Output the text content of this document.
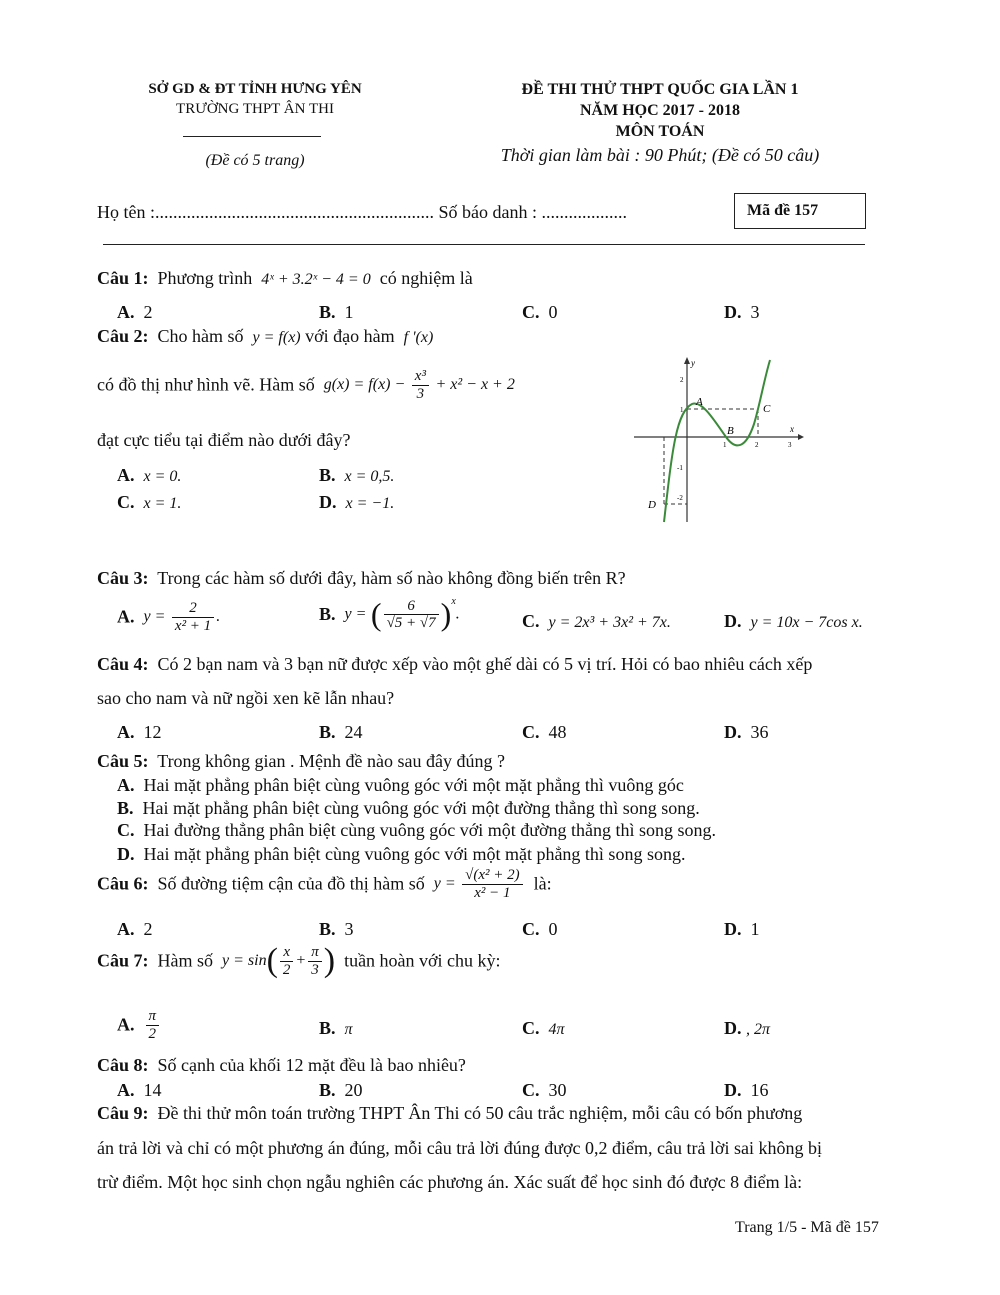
SỞ GD & ĐT TỈNH HƯNG YÊN
TRƯỜNG THPT ÂN THI
(Đề có 5 trang)
ĐỀ THI THỬ THPT QUỐC GIA LẦN 1
NĂM HỌC 2017 - 2018
MÔN TOÁN
Thời gian làm bài : 90 Phút; (Đề có 50 câu)
Họ tên :.............................................................. Số báo danh : ...................	Mã đề 157
Câu 1: Phương trình 4ˣ + 3.2ˣ − 4 = 0 có nghiệm là
A. 2	B. 1	C. 0	D. 3
Câu 2: Cho hàm số y = f(x) với đạo hàm f '(x)
có đồ thị như hình vẽ. Hàm số $g(x) = f(x) - \frac{\text{x³}}{3} + x^2 - x + 2$
đạt cực tiểu tại điểm nào dưới đây?
A. x = 0.	B. x = 0,5.
C. x = 1.	D. x = −1.
A
B
C
D
x
y
2
1
-1
-2
1	2	3
Câu 3: Trong các hàm số dưới đây, hàm số nào không đồng biến trên R?
A. $y = \frac{2}{\text{x² + 1}}$ .	B. y = ( $\frac{6}{√5 + √7} )^x$.	C. y = 2x³ + 3x² + 7x.	D. y = 10x − 7cos x.
Câu 4: Có 2 bạn nam và 3 bạn nữ được xếp vào một ghế dài có 5 vị trí. Hỏi có bao nhiêu cách xếp
sao cho nam và nữ ngồi xen kẽ lẫn nhau?
A. 12	B. 24	C. 48	D. 36
Câu 5: Trong không gian . Mệnh đề nào sau đây đúng ?
A. Hai mặt phẳng phân biệt cùng vuông góc với một mặt phẳng thì vuông góc
B. Hai mặt phẳng phân biệt cùng vuông góc với một đường thẳng thì song song.
C. Hai đường thẳng phân biệt cùng vuông góc với một đường thẳng thì song song.
D. Hai mặt phẳng phân biệt cùng vuông góc với một mặt phẳng thì song song.
Câu 6: Số đường tiệm cận của đồ thị hàm số $y = \frac{\text{√(x² + 2)}}{\text{x² − 1}}$ là:
A. 2	B. 3	C. 0	D. 1
Câu 7: Hàm số $y = \sin( \frac{x}{2} + \frac{\pi}{3}$ ) tuần hoàn với chu kỳ:
A. $\frac{\pi}{2}$	B. π	C. 4π	D. , 2π
Câu 8: Số cạnh của khối 12 mặt đều là bao nhiêu?
A. 14	B. 20	C. 30	D. 16
Câu 9: Đề thi thử môn toán trường THPT Ân Thi có 50 câu trắc nghiệm, mỗi câu có bốn phương
án trả lời và chỉ có một phương án đúng, mỗi câu trả lời đúng được 0,2 điểm, câu trả lời sai không bị
trừ điểm. Một học sinh chọn ngẫu nghiên các phương án. Xác suất để học sinh đó được 8 điểm là:
Trang 1/5 - Mã đề 157
